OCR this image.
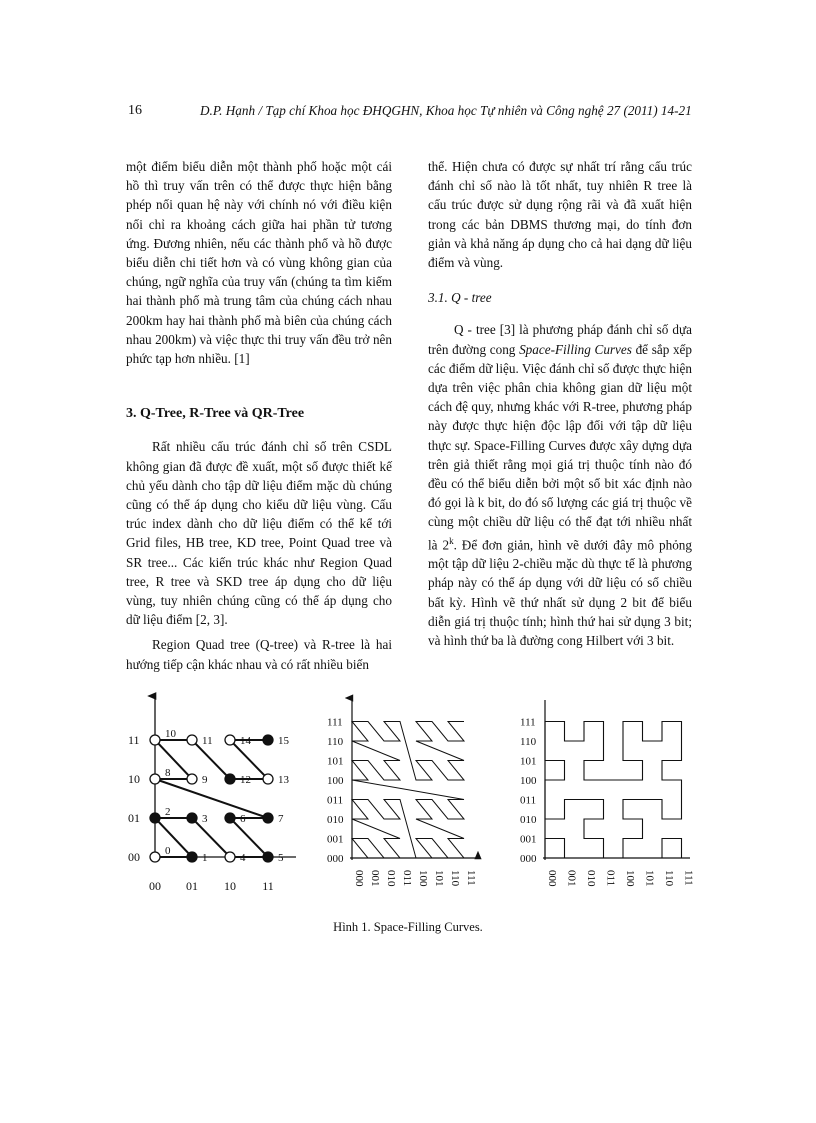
16	D.P. Hạnh / Tạp chí Khoa học ĐHQGHN, Khoa học Tự nhiên và Công nghệ 27 (2011) 14-21

một điểm biểu diễn một thành phố hoặc một cái hồ thì truy vấn trên có thể được thực hiện bằng phép nối quan hệ này với chính nó với điều kiện nối chỉ ra khoảng cách giữa hai phần tử tương ứng. Đương nhiên, nếu các thành phố và hồ được biểu diễn chi tiết hơn và có vùng không gian của chúng, ngữ nghĩa của truy vấn (chúng ta tìm kiếm hai thành phố mà trung tâm của chúng cách nhau 200km hay hai thành phố mà biên của chúng cách nhau 200km) và việc thực thi truy vấn đều trở nên phức tạp hơn nhiều. [1]

3. Q-Tree, R-Tree và QR-Tree

Rất nhiều cấu trúc đánh chỉ số trên CSDL không gian đã được đề xuất, một số được thiết kế chủ yếu dành cho tập dữ liệu điểm mặc dù chúng cũng có thể áp dụng cho kiểu dữ liệu vùng. Cấu trúc index dành cho dữ liệu điểm có thể kể tới Grid files, HB tree, KD tree, Point Quad tree và SR tree... Các kiến trúc khác như Region Quad tree, R tree và SKD tree áp dụng cho dữ liệu vùng, tuy nhiên chúng cũng có thể áp dụng cho dữ liệu điểm [2, 3].

Region Quad tree (Q-tree) và R-tree là hai hướng tiếp cận khác nhau và có rất nhiều biến

thể. Hiện chưa có được sự nhất trí rằng cấu trúc đánh chỉ số nào là tốt nhất, tuy nhiên R tree là cấu trúc được sử dụng rộng rãi và đã xuất hiện trong các bản DBMS thương mại, do tính đơn giản và khả năng áp dụng cho cả hai dạng dữ liệu điểm và vùng.

3.1. Q - tree

Q - tree [3] là phương pháp đánh chỉ số dựa trên đường cong Space-Filling Curves để sắp xếp các điểm dữ liệu. Việc đánh chỉ số được thực hiện dựa trên việc phân chia không gian dữ liệu một cách đệ quy, nhưng khác với R-tree, phương pháp này được thực hiện độc lập đối với tập dữ liệu thực sự. Space-Filling Curves được xây dựng dựa trên giả thiết rằng mọi giá trị thuộc tính nào đó đều có thể biểu diễn bởi một số bit xác định nào đó gọi là k bit, do đó số lượng các giá trị thuộc về cùng một chiều dữ liệu có thể đạt tới nhiều nhất là 2$^k$. Để đơn giản, hình vẽ dưới đây mô phỏng một tập dữ liệu 2-chiều mặc dù thực tế là phương pháp này có thể áp dụng với dữ liệu có số chiều bất kỳ. Hình vẽ thứ nhất sử dụng 2 bit để biểu diễn giá trị thuộc tính; hình thứ hai sử dụng 3 bit; và hình thứ ba là đường cong Hilbert với 3 bit.

0
1
2
3
4	5
6	7
8
9
10
11
12 13
14 15
00 01 10 11
00
01
10
11
000
001
010
011
100
101
110
111
000 001 010 011 100 101 110 111
000
001
010
011
100
101
110
111
000 001 010 011 100 101 110 111
Hình 1. Space-Filling Curves.
